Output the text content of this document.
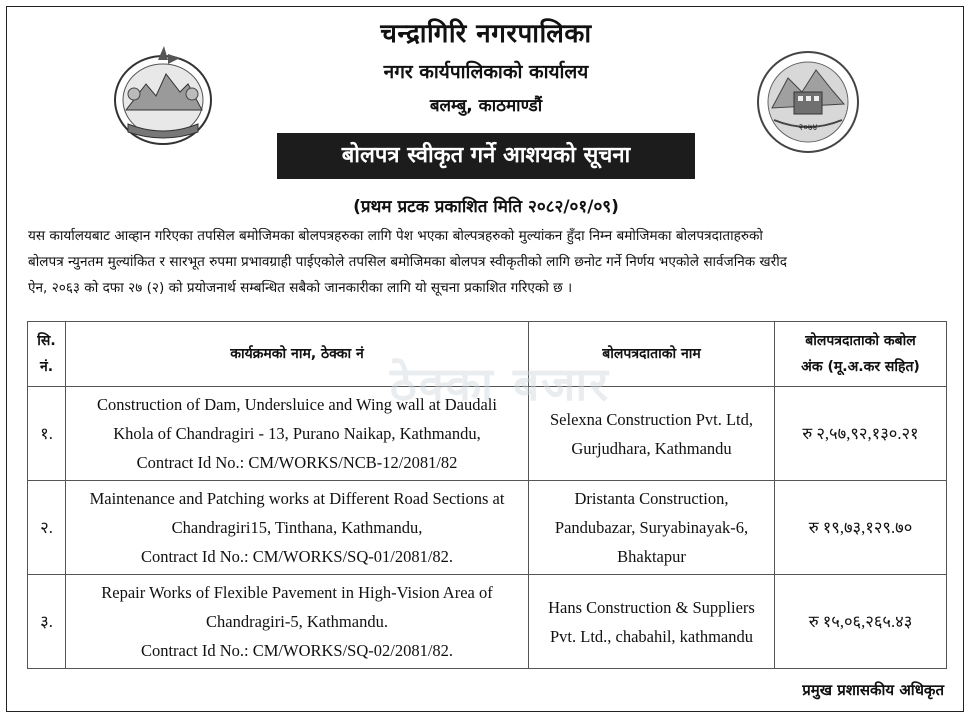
२०७४
चन्द्रागिरि नगरपालिका
नगर कार्यपालिकाको कार्यालय
बलम्बु, काठमाण्डौं
बोलपत्र स्वीकृत गर्ने आशयको सूचना
(प्रथम प्रटक प्रकाशित मिति २०८२/०१/०९)
यस कार्यालयबाट आव्हान गरिएका तपसिल बमोजिमका बोलपत्रहरुका लागि पेश भएका बोल्पत्रहरुको मुल्यांकन हुँदा निम्न बमोजिमका बोलपत्रदाताहरुको
बोलपत्र न्युनतम मुल्यांकित र सारभूत रुपमा प्रभावग्राही पाईएकोले तपसिल बमोजिमका बोलपत्र स्वीकृतीको लागि छनोट गर्ने निर्णय भएकोले सार्वजनिक खरीद
ऐन, २०६३ को दफा २७ (२) को प्रयोजनार्थ सम्बन्धित सबैको जानकारीका लागि यो सूचना प्रकाशित गरिएको छ ।
सि.
नं.	कार्यक्रमको नाम, ठेक्का नं	बोलपत्रदाताको नाम	बोलपत्रदाताको कबोल
अंक (मू.अ.कर सहित)

१.	Construction of Dam, Undersluice and Wing wall at Daudali
Khola of Chandragiri - 13, Purano Naikap, Kathmandu,
Contract Id No.: CM/WORKS/NCB-12/2081/82	Selexna Construction Pvt. Ltd,
Gurjudhara, Kathmandu	रु २,५७,९२,१३०.२१
२.	Maintenance and Patching works at Different Road Sections at
Chandragiri15, Tinthana, Kathmandu,
Contract Id No.: CM/WORKS/SQ-01/2081/82.	Dristanta Construction,
Pandubazar, Suryabinayak-6,
Bhaktapur	रु १९,७३,१२९.७०
३.	Repair Works of Flexible Pavement in High-Vision Area of
Chandragiri-5, Kathmandu.
Contract Id No.: CM/WORKS/SQ-02/2081/82.	Hans Construction & Suppliers
Pvt. Ltd., chabahil, kathmandu	रु १५,०६,२६५.४३
ठेक्का बजार
प्रमुख प्रशासकीय अधिकृत
